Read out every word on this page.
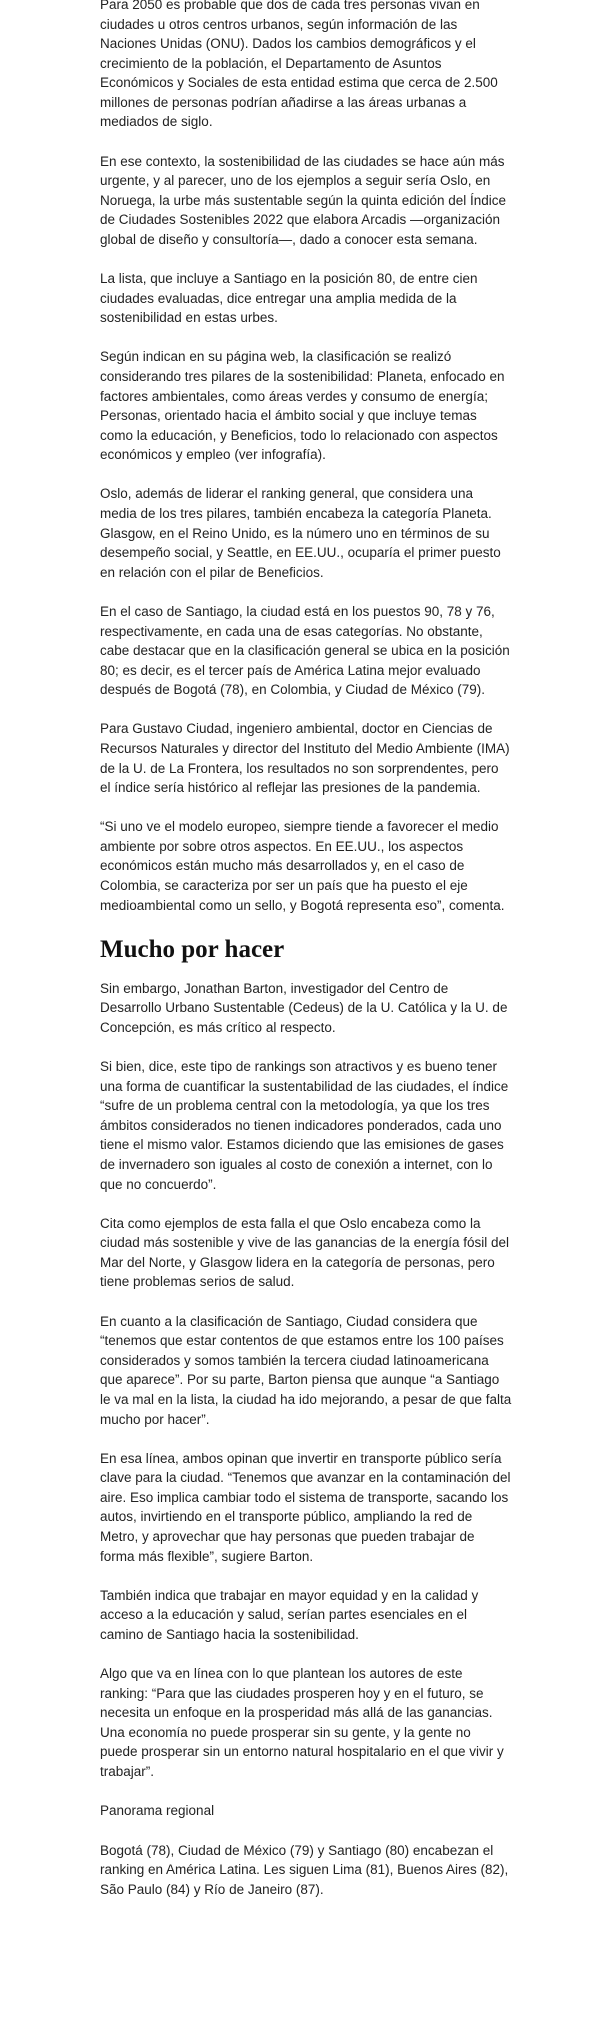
Para 2050 es probable que dos de cada tres personas vivan en ciudades u otros centros urbanos, según información de las Naciones Unidas (ONU). Dados los cambios demográficos y el crecimiento de la población, el Departamento de Asuntos Económicos y Sociales de esta entidad estima que cerca de 2.500 millones de personas podrían añadirse a las áreas urbanas a mediados de siglo.

En ese contexto, la sostenibilidad de las ciudades se hace aún más urgente, y al parecer, uno de los ejemplos a seguir sería Oslo, en Noruega, la urbe más sustentable según la quinta edición del Índice de Ciudades Sostenibles 2022 que elabora Arcadis —organización global de diseño y consultoría—, dado a conocer esta semana.

La lista, que incluye a Santiago en la posición 80, de entre cien ciudades evaluadas, dice entregar una amplia medida de la sostenibilidad en estas urbes.

Según indican en su página web, la clasificación se realizó considerando tres pilares de la sostenibilidad: Planeta, enfocado en factores ambientales, como áreas verdes y consumo de energía; Personas, orientado hacia el ámbito social y que incluye temas como la educación, y Beneficios, todo lo relacionado con aspectos económicos y empleo (ver infografía).

Oslo, además de liderar el ranking general, que considera una media de los tres pilares, también encabeza la categoría Planeta. Glasgow, en el Reino Unido, es la número uno en términos de su desempeño social, y Seattle, en EE.UU., ocuparía el primer puesto en relación con el pilar de Beneficios.

En el caso de Santiago, la ciudad está en los puestos 90, 78 y 76, respectivamente, en cada una de esas categorías. No obstante, cabe destacar que en la clasificación general se ubica en la posición 80; es decir, es el tercer país de América Latina mejor evaluado después de Bogotá (78), en Colombia, y Ciudad de México (79).

Para Gustavo Ciudad, ingeniero ambiental, doctor en Ciencias de Recursos Naturales y director del Instituto del Medio Ambiente (IMA) de la U. de La Frontera, los resultados no son sorprendentes, pero el índice sería histórico al reflejar las presiones de la pandemia.

“Si uno ve el modelo europeo, siempre tiende a favorecer el medio ambiente por sobre otros aspectos. En EE.UU., los aspectos económicos están mucho más desarrollados y, en el caso de Colombia, se caracteriza por ser un país que ha puesto el eje medioambiental como un sello, y Bogotá representa eso”, comenta.

Mucho por hacer

Sin embargo, Jonathan Barton, investigador del Centro de Desarrollo Urbano Sustentable (Cedeus) de la U. Católica y la U. de Concepción, es más crítico al respecto.

Si bien, dice, este tipo de rankings son atractivos y es bueno tener una forma de cuantificar la sustentabilidad de las ciudades, el índice “sufre de un problema central con la metodología, ya que los tres ámbitos considerados no tienen indicadores ponderados, cada uno tiene el mismo valor. Estamos diciendo que las emisiones de gases de invernadero son iguales al costo de conexión a internet, con lo que no concuerdo”.

Cita como ejemplos de esta falla el que Oslo encabeza como la ciudad más sostenible y vive de las ganancias de la energía fósil del Mar del Norte, y Glasgow lidera en la categoría de personas, pero tiene problemas serios de salud.

En cuanto a la clasificación de Santiago, Ciudad considera que “tenemos que estar contentos de que estamos entre los 100 países considerados y somos también la tercera ciudad latinoamericana que aparece”. Por su parte, Barton piensa que aunque “a Santiago le va mal en la lista, la ciudad ha ido mejorando, a pesar de que falta mucho por hacer”.

En esa línea, ambos opinan que invertir en transporte público sería clave para la ciudad. “Tenemos que avanzar en la contaminación del aire. Eso implica cambiar todo el sistema de transporte, sacando los autos, invirtiendo en el transporte público, ampliando la red de Metro, y aprovechar que hay personas que pueden trabajar de forma más flexible”, sugiere Barton.

También indica que trabajar en mayor equidad y en la calidad y acceso a la educación y salud, serían partes esenciales en el camino de Santiago hacia la sostenibilidad.

Algo que va en línea con lo que plantean los autores de este ranking: “Para que las ciudades prosperen hoy y en el futuro, se necesita un enfoque en la prosperidad más allá de las ganancias. Una economía no puede prosperar sin su gente, y la gente no puede prosperar sin un entorno natural hospitalario en el que vivir y trabajar”.

Panorama regional

Bogotá (78), Ciudad de México (79) y Santiago (80) encabezan el ranking en América Latina. Les siguen Lima (81), Buenos Aires (82), São Paulo (84) y Río de Janeiro (87).
